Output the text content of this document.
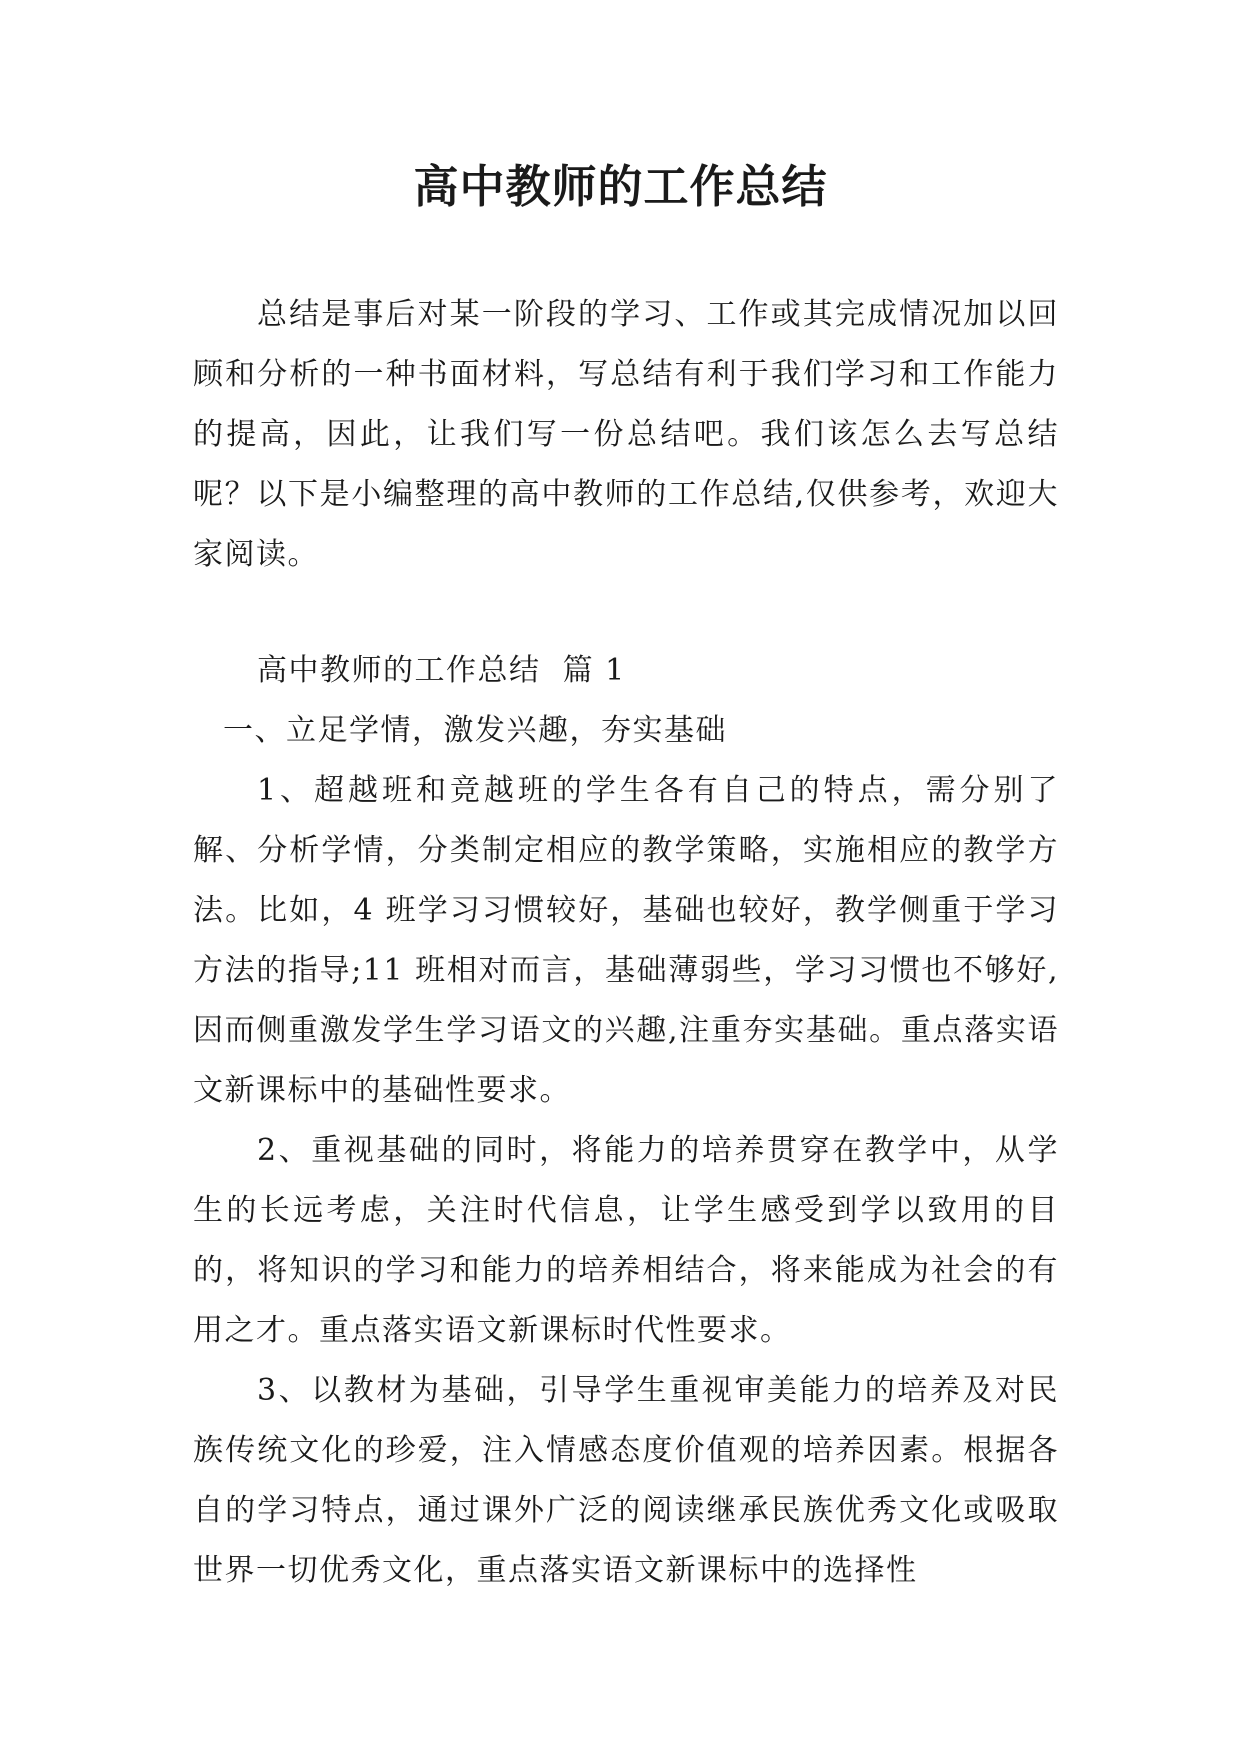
高中教师的工作总结

总结是事后对某一阶段的学习、工作或其完成情况加以回顾和分析的一种书面材料，写总结有利于我们学习和工作能力的提高，因此，让我们写一份总结吧。我们该怎么去写总结呢？以下是小编整理的高中教师的工作总结,仅供参考，欢迎大家阅读。

高中教师的工作总结  篇 1

一、立足学情，激发兴趣，夯实基础

1、超越班和竞越班的学生各有自己的特点，需分别了解、分析学情，分类制定相应的教学策略，实施相应的教学方法。比如，4 班学习习惯较好，基础也较好，教学侧重于学习方法的指导;11 班相对而言，基础薄弱些，学习习惯也不够好,因而侧重激发学生学习语文的兴趣,注重夯实基础。重点落实语文新课标中的基础性要求。

2、重视基础的同时，将能力的培养贯穿在教学中，从学生的长远考虑，关注时代信息，让学生感受到学以致用的目的，将知识的学习和能力的培养相结合，将来能成为社会的有用之才。重点落实语文新课标时代性要求。

3、以教材为基础，引导学生重视审美能力的培养及对民族传统文化的珍爱，注入情感态度价值观的培养因素。根据各自的学习特点，通过课外广泛的阅读继承民族优秀文化或吸取世界一切优秀文化，重点落实语文新课标中的选择性
